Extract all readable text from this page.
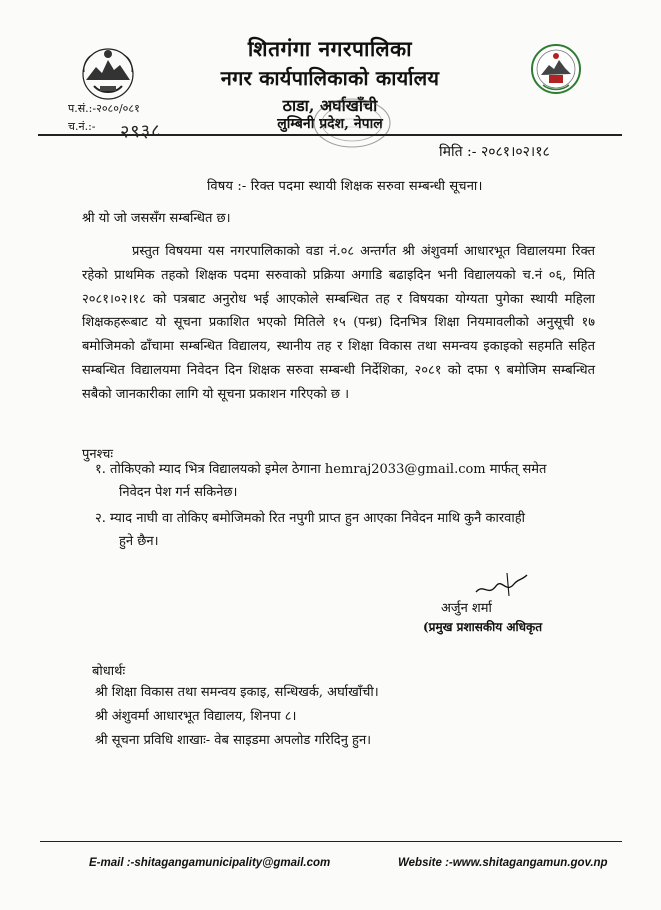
शितगंगा नगरपालिका
नगर कार्यपालिकाको कार्यालय
ठाडा, अर्घाखाँची
लुम्बिनी प्रदेश, नेपाल
प.सं.:-२०८०/०८१
च.नं.:-	२९३८
मिति :- २०८१।०२।१८
विषय :- रिक्त पदमा स्थायी शिक्षक सरुवा सम्बन्धी सूचना।
श्री यो जो जससँग सम्बन्धित छ।
प्रस्तुत विषयमा यस नगरपालिकाको वडा नं.०८ अन्तर्गत श्री अंशुवर्मा आधारभूत विद्यालयमा रिक्त रहेको प्राथमिक तहको शिक्षक पदमा सरुवाको प्रक्रिया अगाडि बढाइदिन भनी विद्यालयको च.नं ०६, मिति २०८१।०२।१८ को पत्रबाट अनुरोध भई आएकोले सम्बन्धित तह र विषयका योग्यता पुगेका स्थायी महिला शिक्षकहरूबाट यो सूचना प्रकाशित भएको मितिले १५ (पन्ध्र) दिनभित्र शिक्षा नियमावलीको अनुसूची १७ बमोजिमको ढाँचामा सम्बन्धित विद्यालय, स्थानीय तह र शिक्षा विकास तथा समन्वय इकाइको सहमति सहित सम्बन्धित विद्यालयमा निवेदन दिन शिक्षक सरुवा सम्बन्धी निर्देशिका, २०८१ को दफा ९ बमोजिम सम्बन्धित सबैको जानकारीका लागि यो सूचना प्रकाशन गरिएको छ ।
पुनश्चः
१. तोकिएको म्याद भित्र विद्यालयको इमेल ठेगाना hemraj2033@gmail.com मार्फत् समेत
निवेदन पेश गर्न सकिनेछ।
२. म्याद नाघी वा तोकिए बमोजिमको रित नपुगी प्राप्त हुन आएका निवेदन माथि कुनै कारवाही
हुने छैन।
अर्जुन शर्मा
(प्रमुख प्रशासकीय अधिकृत
बोधार्थः
श्री शिक्षा विकास तथा समन्वय इकाइ, सन्धिखर्क, अर्घाखाँची।
श्री अंशुवर्मा आधारभूत विद्यालय, शिनपा ८।
श्री सूचना प्रविधि शाखाः- वेब साइडमा अपलोड गरिदिनु हुन।
E-mail :-shitagangamunicipality@gmail.com	Website :-www.shitagangamun.gov.np
